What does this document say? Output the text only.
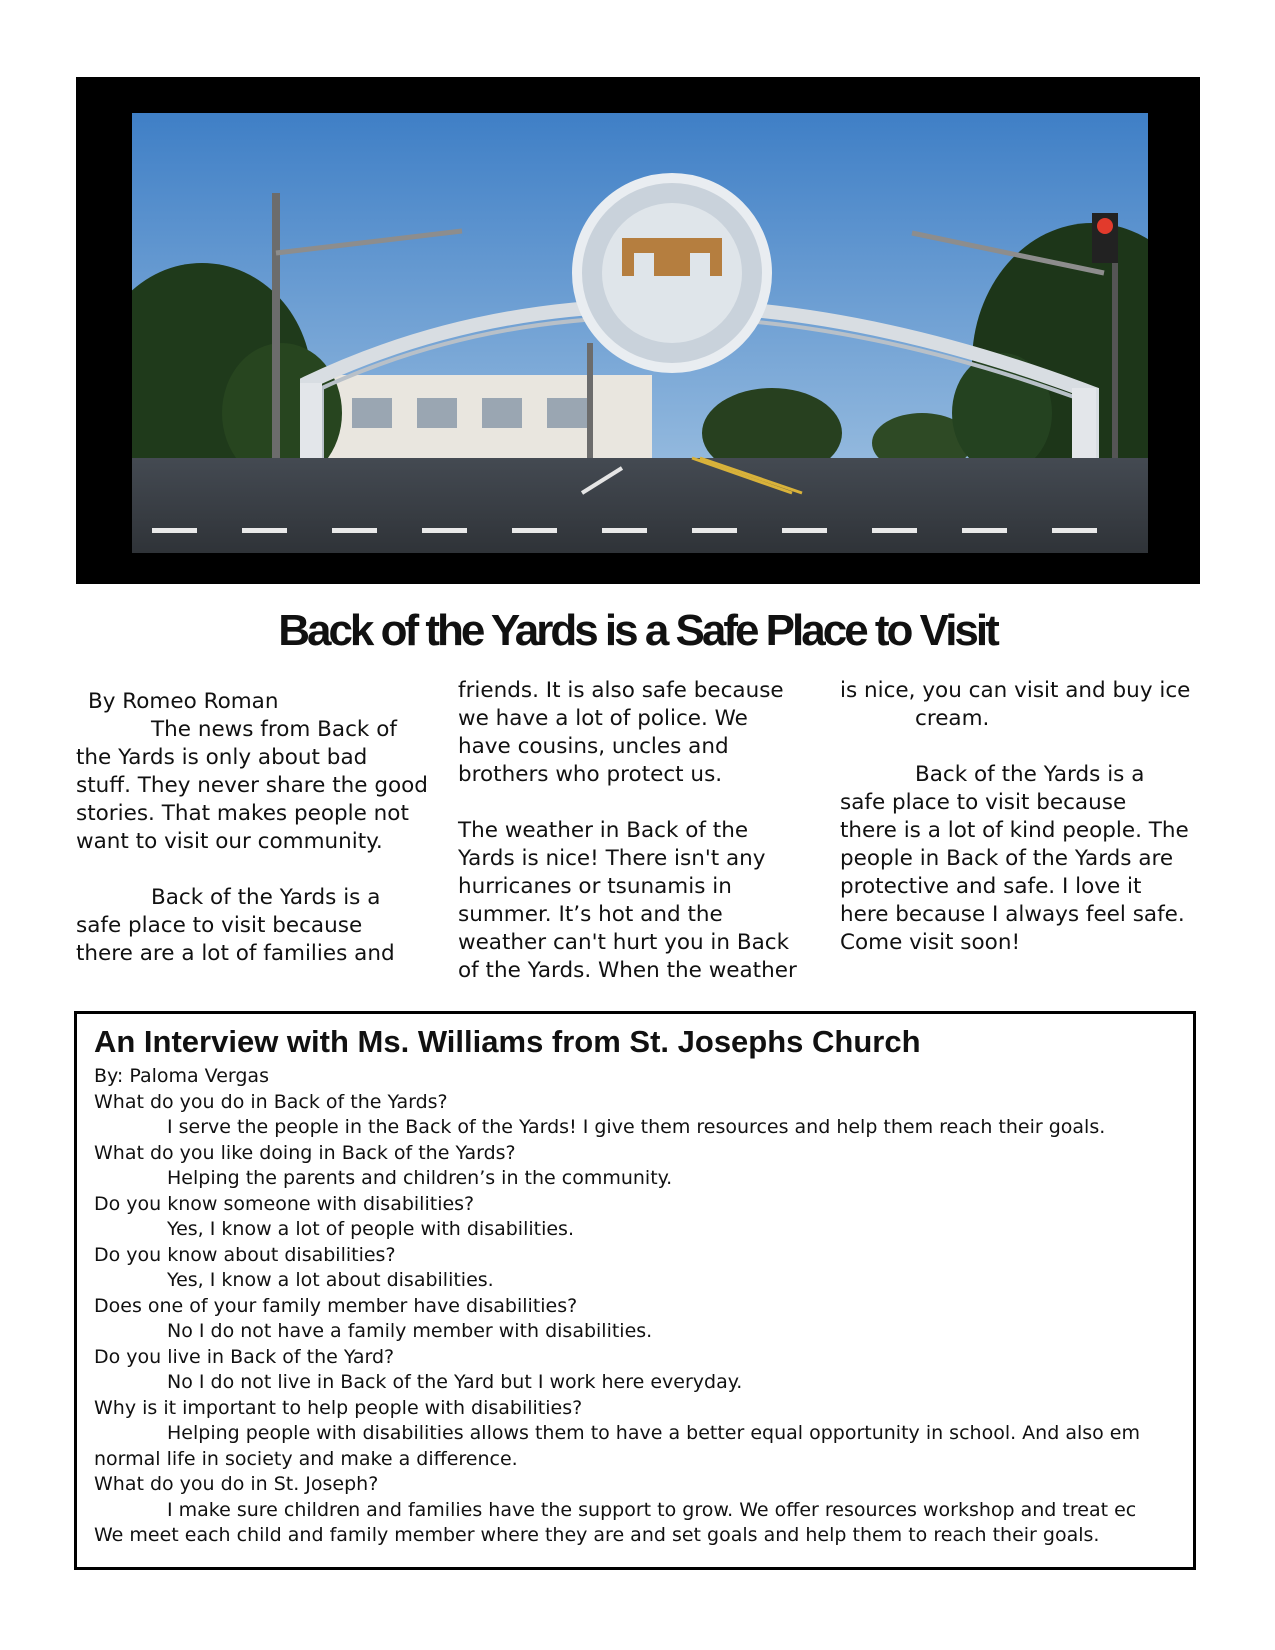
Back of the Yards is a Safe Place to Visit

By Romeo Roman

The news from Back of

the Yards is only about bad

stuff. They never share the good

stories. That makes people not

want to visit our community.

Back of the Yards is a

safe place to visit because

there are a lot of families and

friends. It is also safe because

we have a lot of police. We

have cousins, uncles and

brothers who protect us.

The weather in Back of the

Yards is nice! There isn't any

hurricanes or tsunamis in

summer. It’s hot and the

weather can't hurt you in Back

of the Yards. When the weather

is nice, you can visit and buy ice

cream.

Back of the Yards is a

safe place to visit because

there is a lot of kind people. The

people in Back of the Yards are

protective and safe. I love it

here because I always feel safe.

Come visit soon!

An Interview with Ms. Williams from St. Josephs Church
By: Paloma Vergas
What do you do in Back of the Yards?
I serve the people in the Back of the Yards! I give them resources and help them reach their goals.
What do you like doing in Back of the Yards?
Helping the parents and children’s in the community.
Do you know someone with disabilities?
Yes, I know a lot of people with disabilities.
Do you know about disabilities?
Yes, I know a lot about disabilities.
Does one of your family member have disabilities?
No I do not have a family member with disabilities.
Do you live in Back of the Yard?
No I do not live in Back of the Yard but I work here everyday.
Why is it important to help people with disabilities?
Helping people with disabilities allows them to have a better equal opportunity in school. And also em
normal life in society and make a difference.
What do you do in St. Joseph?
I make sure children and families have the support to grow. We offer resources workshop and treat ec
We meet each child and family member where they are and set goals and help them to reach their goals.
